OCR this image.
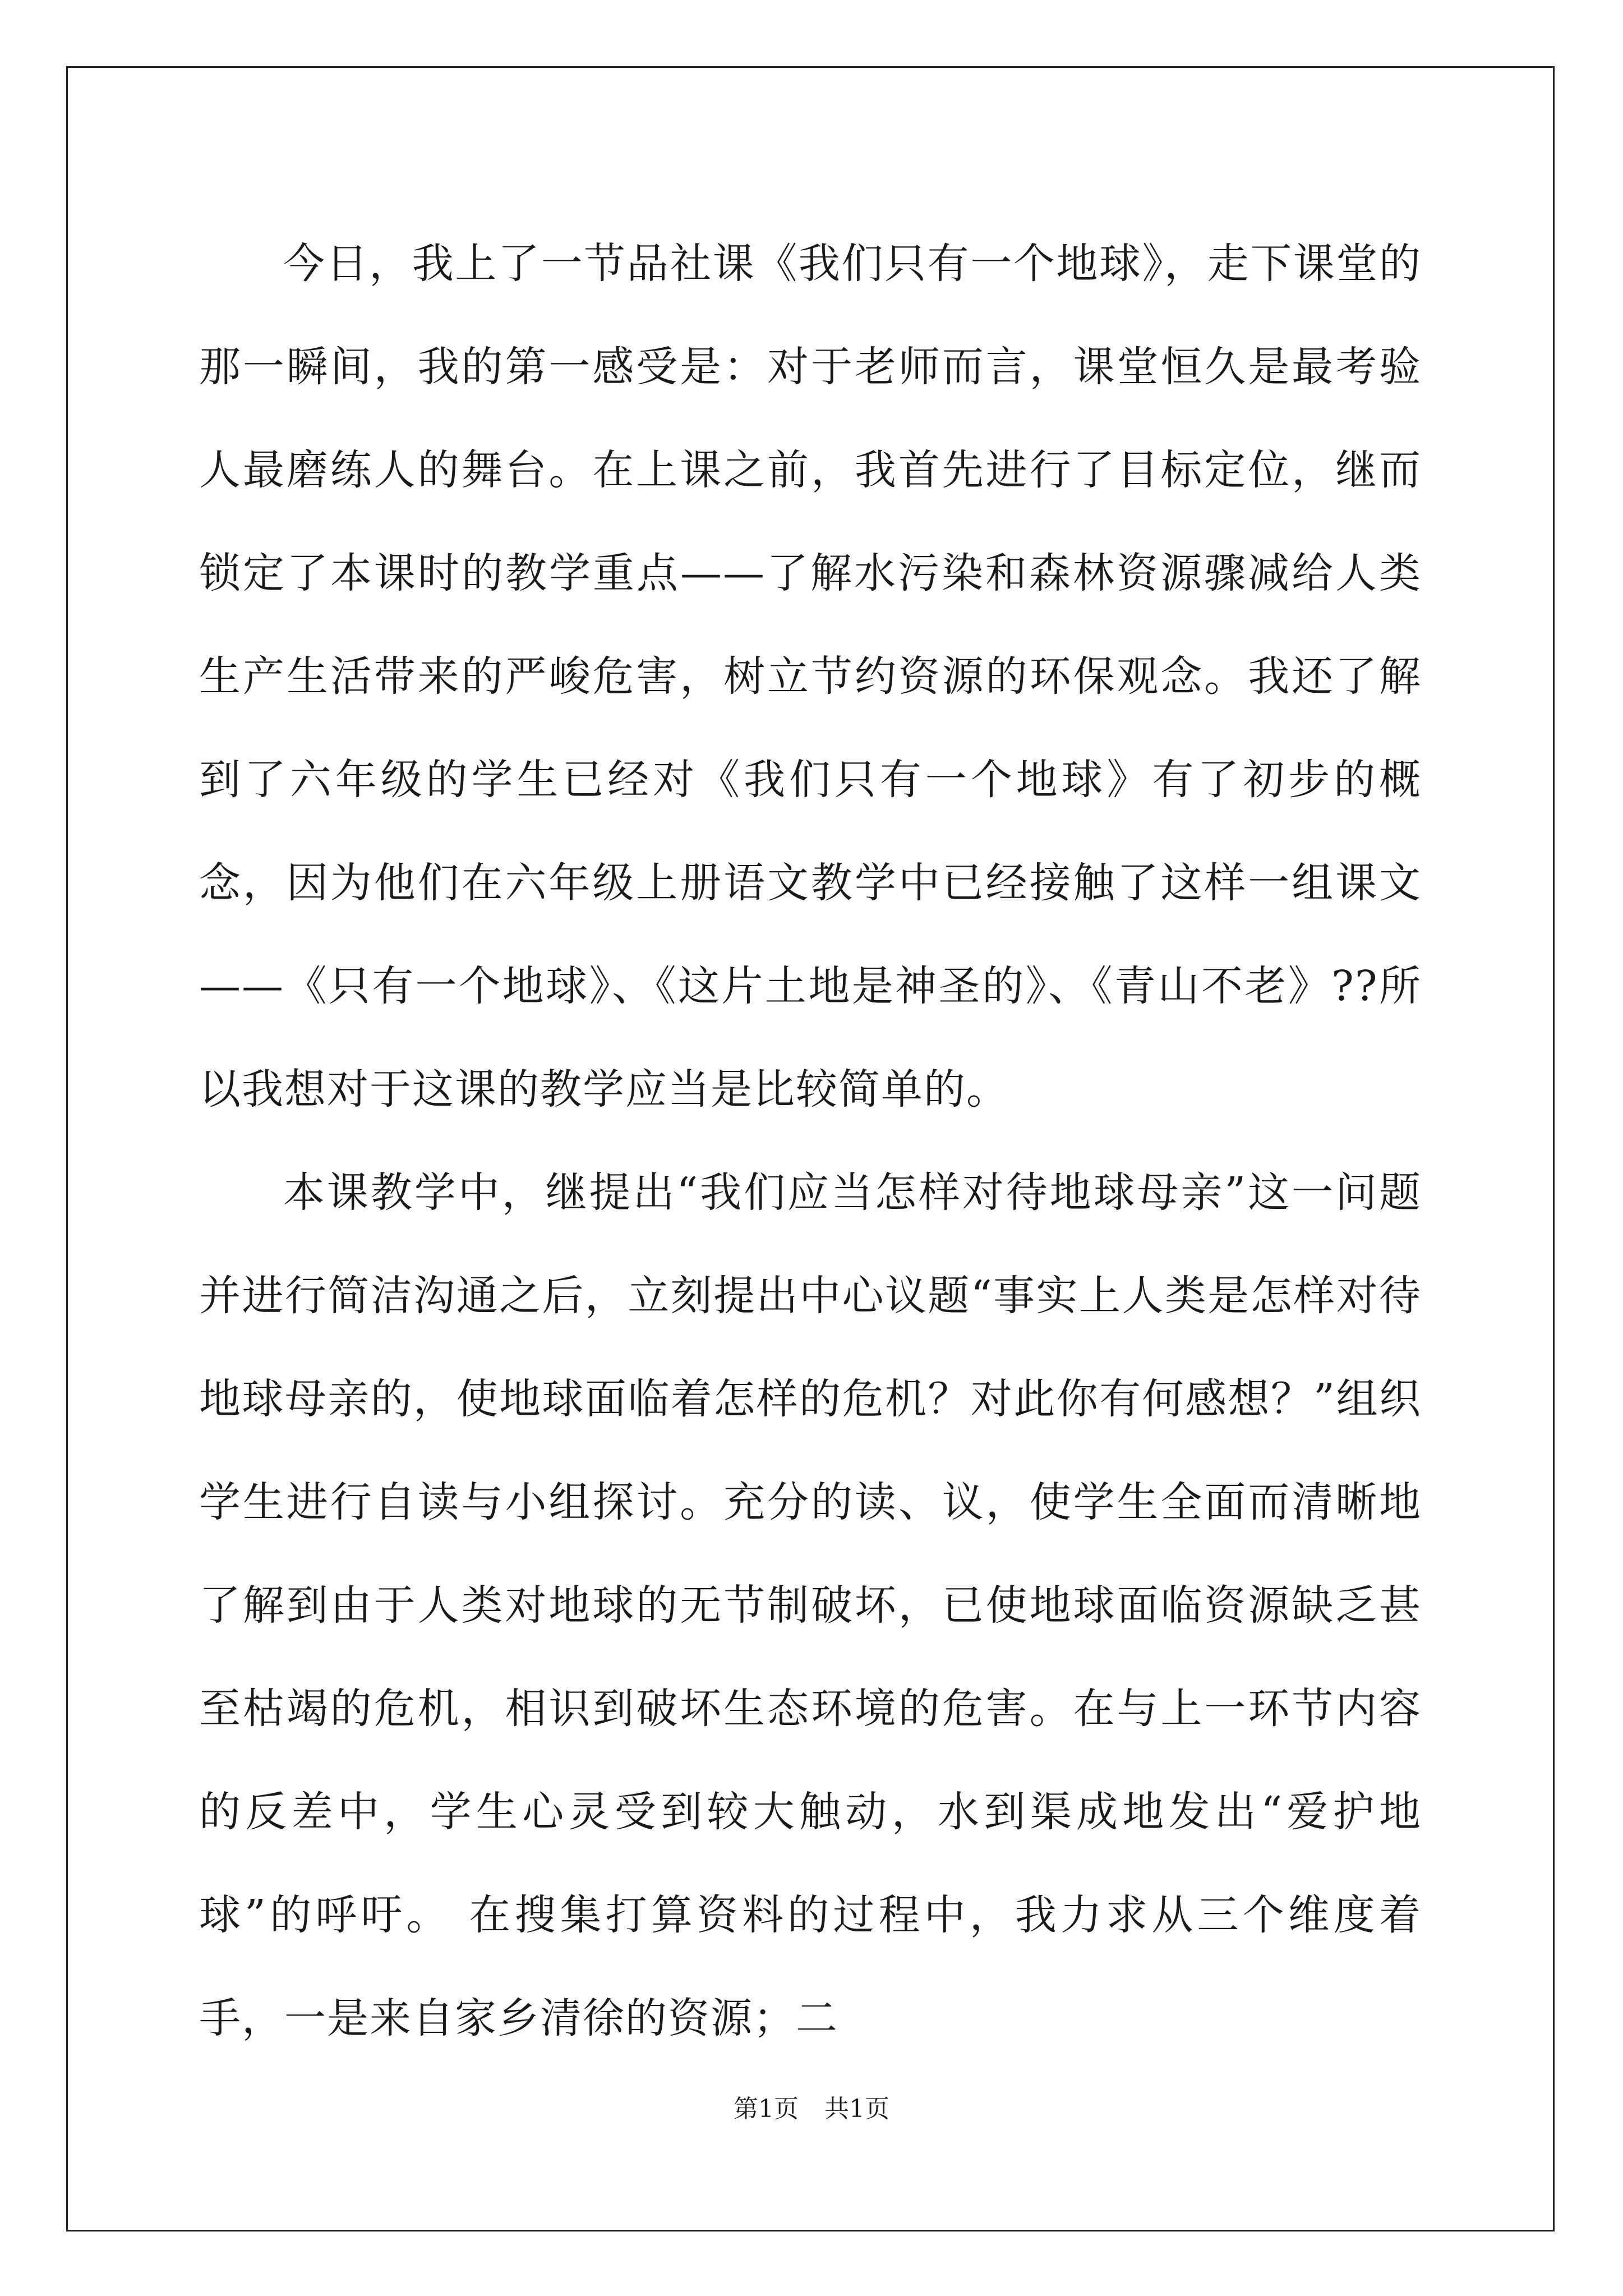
今日，我上了一节品社课《我们只有一个地球》，走下课堂的那一瞬间，我的第一感受是：对于老师而言，课堂恒久是最考验人最磨练人的舞台。在上课之前，我首先进行了目标定位，继而锁定了本课时的教学重点——了解水污染和森林资源骤减给人类生产生活带来的严峻危害，树立节约资源的环保观念。我还了解到了六年级的学生已经对《我们只有一个地球》有了初步的概念，因为他们在六年级上册语文教学中已经接触了这样一组课文——《只有一个地球》、《这片土地是神圣的》、《青山不老》??所以我想对于这课的教学应当是比较简单的。

本课教学中，继提出“我们应当怎样对待地球母亲”这一问题并进行简洁沟通之后，立刻提出中心议题“事实上人类是怎样对待地球母亲的，使地球面临着怎样的危机？对此你有何感想？”组织学生进行自读与小组探讨。充分的读、议，使学生全面而清晰地了解到由于人类对地球的无节制破坏，已使地球面临资源缺乏甚至枯竭的危机，相识到破坏生态环境的危害。在与上一环节内容的反差中，学生心灵受到较大触动，水到渠成地发出“爱护地球”的呼吁。 在搜集打算资料的过程中，我力求从三个维度着手，一是来自家乡清徐的资源；二

第1页 共1页
